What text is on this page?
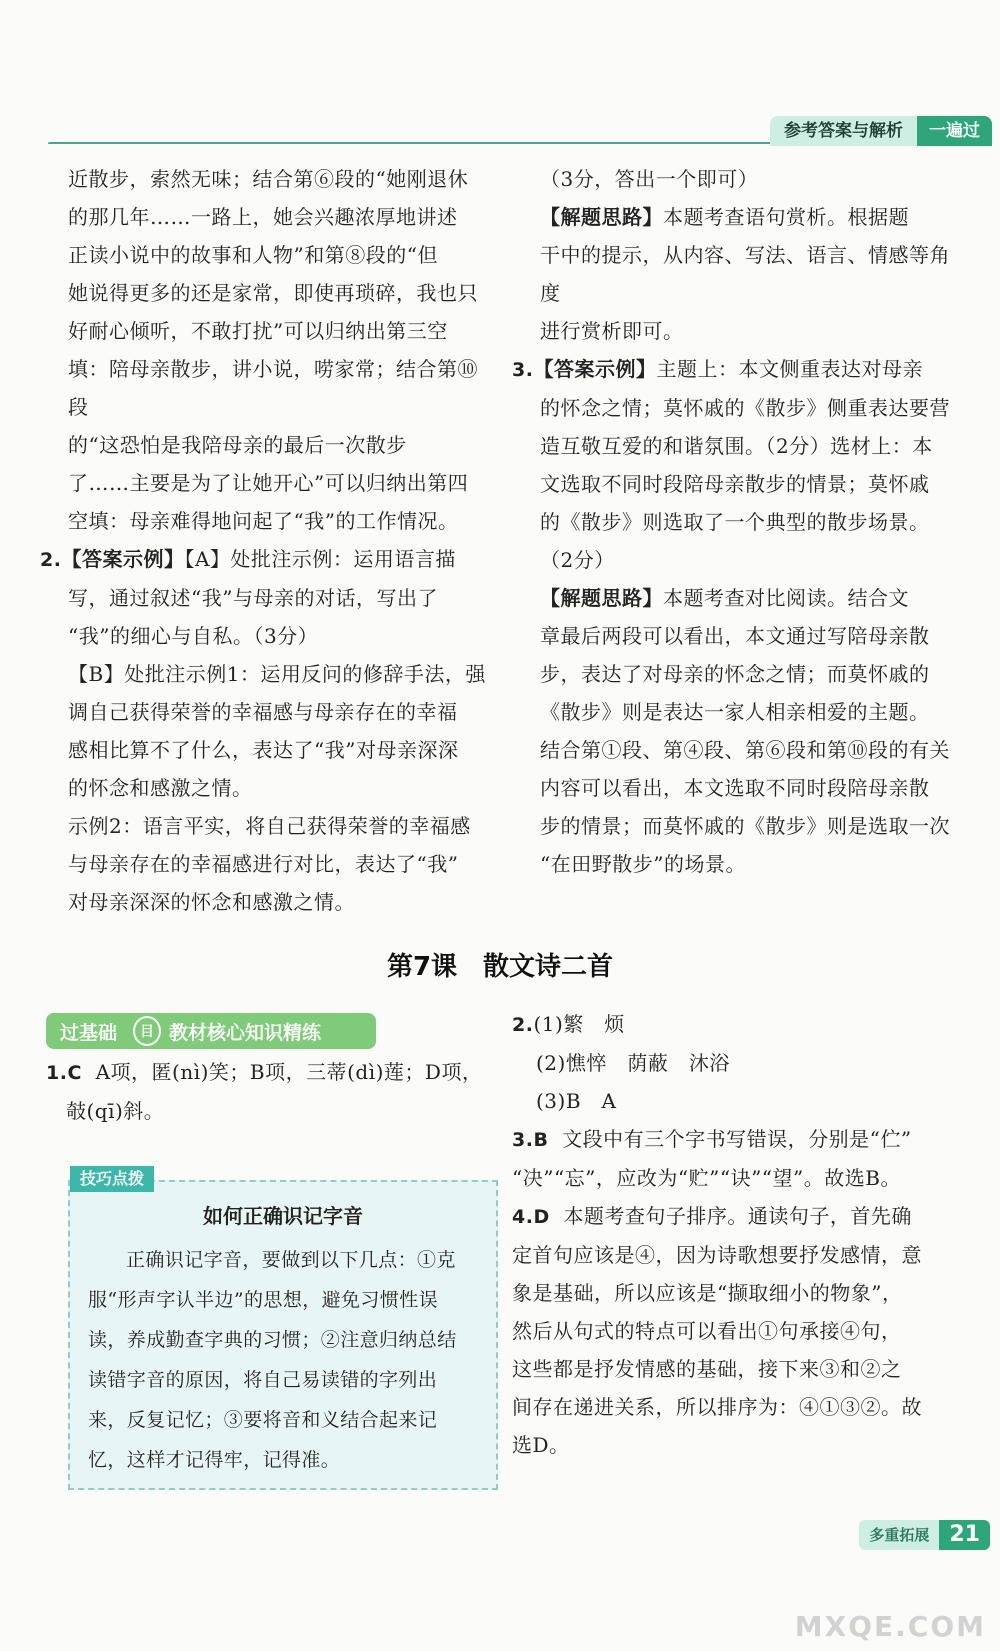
参考答案与解析	一遍过

近散步，索然无味；结合第⑥段的“她刚退休

的那几年……一路上，她会兴趣浓厚地讲述

正读小说中的故事和人物”和第⑧段的“但

她说得更多的还是家常，即使再琐碎，我也只

好耐心倾听，不敢打扰”可以归纳出第三空

填：陪母亲散步，讲小说，唠家常；结合第⑩段

的“这恐怕是我陪母亲的最后一次散步

了……主要是为了让她开心”可以归纳出第四

空填：母亲难得地问起了“我”的工作情况。

2.【答案示例】【A】处批注示例：运用语言描

写，通过叙述“我”与母亲的对话，写出了

“我”的细心与自私。（3分）

【B】处批注示例1：运用反问的修辞手法，强

调自己获得荣誉的幸福感与母亲存在的幸福

感相比算不了什么，表达了“我”对母亲深深

的怀念和感激之情。

示例2：语言平实，将自己获得荣誉的幸福感

与母亲存在的幸福感进行对比，表达了“我”

对母亲深深的怀念和感激之情。

（3分，答出一个即可）

【解题思路】本题考查语句赏析。根据题

干中的提示，从内容、写法、语言、情感等角度

进行赏析即可。

3.【答案示例】主题上：本文侧重表达对母亲

的怀念之情；莫怀戚的《散步》侧重表达要营

造互敬互爱的和谐氛围。（2分）选材上：本

文选取不同时段陪母亲散步的情景；莫怀戚

的《散步》则选取了一个典型的散步场景。

（2分）

【解题思路】本题考查对比阅读。结合文

章最后两段可以看出，本文通过写陪母亲散

步，表达了对母亲的怀念之情；而莫怀戚的

《散步》则是表达一家人相亲相爱的主题。

结合第①段、第④段、第⑥段和第⑩段的有关

内容可以看出，本文选取不同时段陪母亲散

步的情景；而莫怀戚的《散步》则是选取一次

“在田野散步”的场景。

第7课　散文诗二首
过基础	目 教材核心知识精练

1.C A项，匿(nì)笑；B项，三蒂(dì)莲；D项，

攲(qī)斜。

技巧点拨
如何正确识记字音

正确识记字音，要做到以下几点：①克

服“形声字认半边”的思想，避免习惯性误

读，养成勤查字典的习惯；②注意归纳总结

读错字音的原因，将自己易读错的字列出

来，反复记忆；③要将音和义结合起来记

忆，这样才记得牢，记得准。

2.(1)繁　烦

(2)憔悴　荫蔽　沐浴

(3)B　A

3.B 文段中有三个字书写错误，分别是“伫”

“决”“忘”，应改为“贮”“诀”“望”。故选B。

4.D 本题考查句子排序。通读句子，首先确

定首句应该是④，因为诗歌想要抒发感情，意

象是基础，所以应该是“撷取细小的物象”，

然后从句式的特点可以看出①句承接④句，

这些都是抒发情感的基础，接下来③和②之

间存在递进关系，所以排序为：④①③②。故

选D。

多重拓展 21
MXQE.COM
